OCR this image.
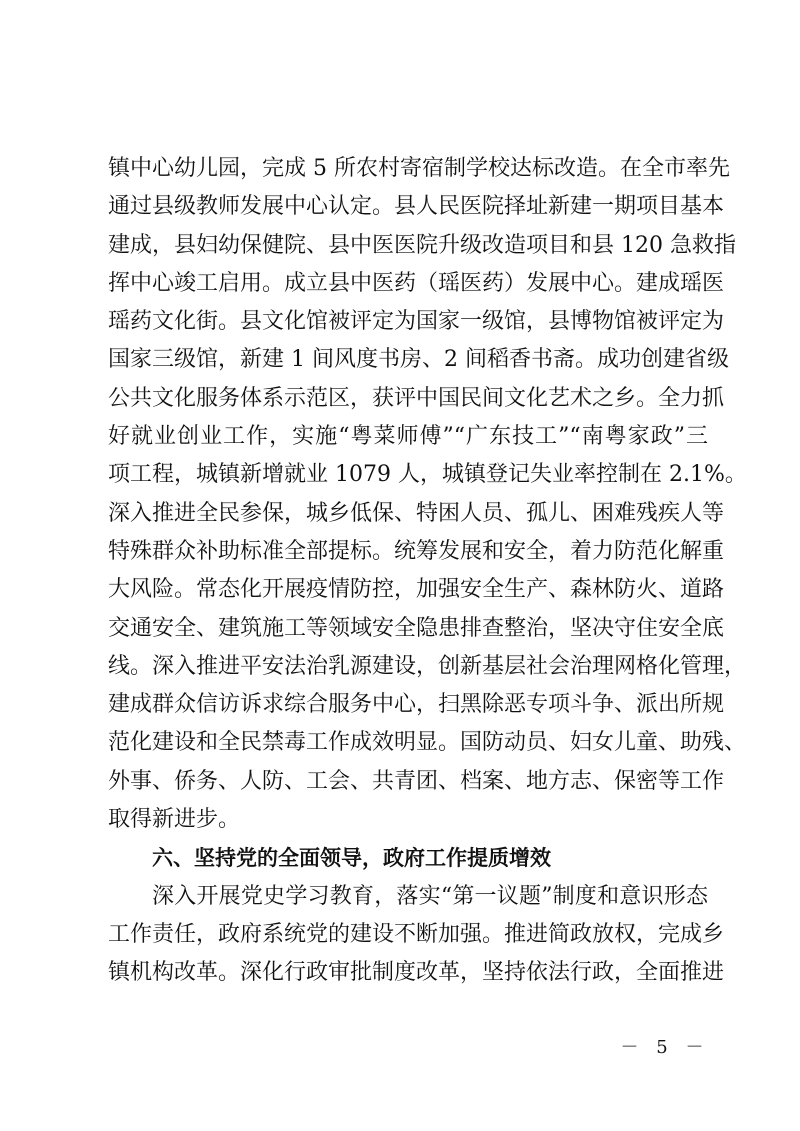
镇中心幼儿园，完成 5 所农村寄宿制学校达标改造。在全市率先
通过县级教师发展中心认定。县人民医院择址新建一期项目基本
建成，县妇幼保健院、县中医医院升级改造项目和县 120 急救指
挥中心竣工启用。成立县中医药（瑶医药）发展中心。建成瑶医
瑶药文化街。县文化馆被评定为国家一级馆，县博物馆被评定为
国家三级馆，新建 1 间风度书房、2 间稻香书斋。成功创建省级
公共文化服务体系示范区，获评中国民间文化艺术之乡。全力抓
好就业创业工作，实施“粤菜师傅”“广东技工”“南粤家政”三
项工程，城镇新增就业 1079 人，城镇登记失业率控制在 2.1%。
深入推进全民参保，城乡低保、特困人员、孤儿、困难残疾人等
特殊群众补助标准全部提标。统筹发展和安全，着力防范化解重
大风险。常态化开展疫情防控，加强安全生产、森林防火、道路
交通安全、建筑施工等领域安全隐患排查整治，坚决守住安全底
线。深入推进平安法治乳源建设，创新基层社会治理网格化管理，
建成群众信访诉求综合服务中心，扫黑除恶专项斗争、派出所规
范化建设和全民禁毒工作成效明显。国防动员、妇女儿童、助残、
外事、侨务、人防、工会、共青团、档案、地方志、保密等工作
取得新进步。
六、坚持党的全面领导，政府工作提质增效
深入开展党史学习教育，落实“第一议题”制度和意识形态
工作责任，政府系统党的建设不断加强。推进简政放权，完成乡
镇机构改革。深化行政审批制度改革，坚持依法行政，全面推进
－ 5 －
